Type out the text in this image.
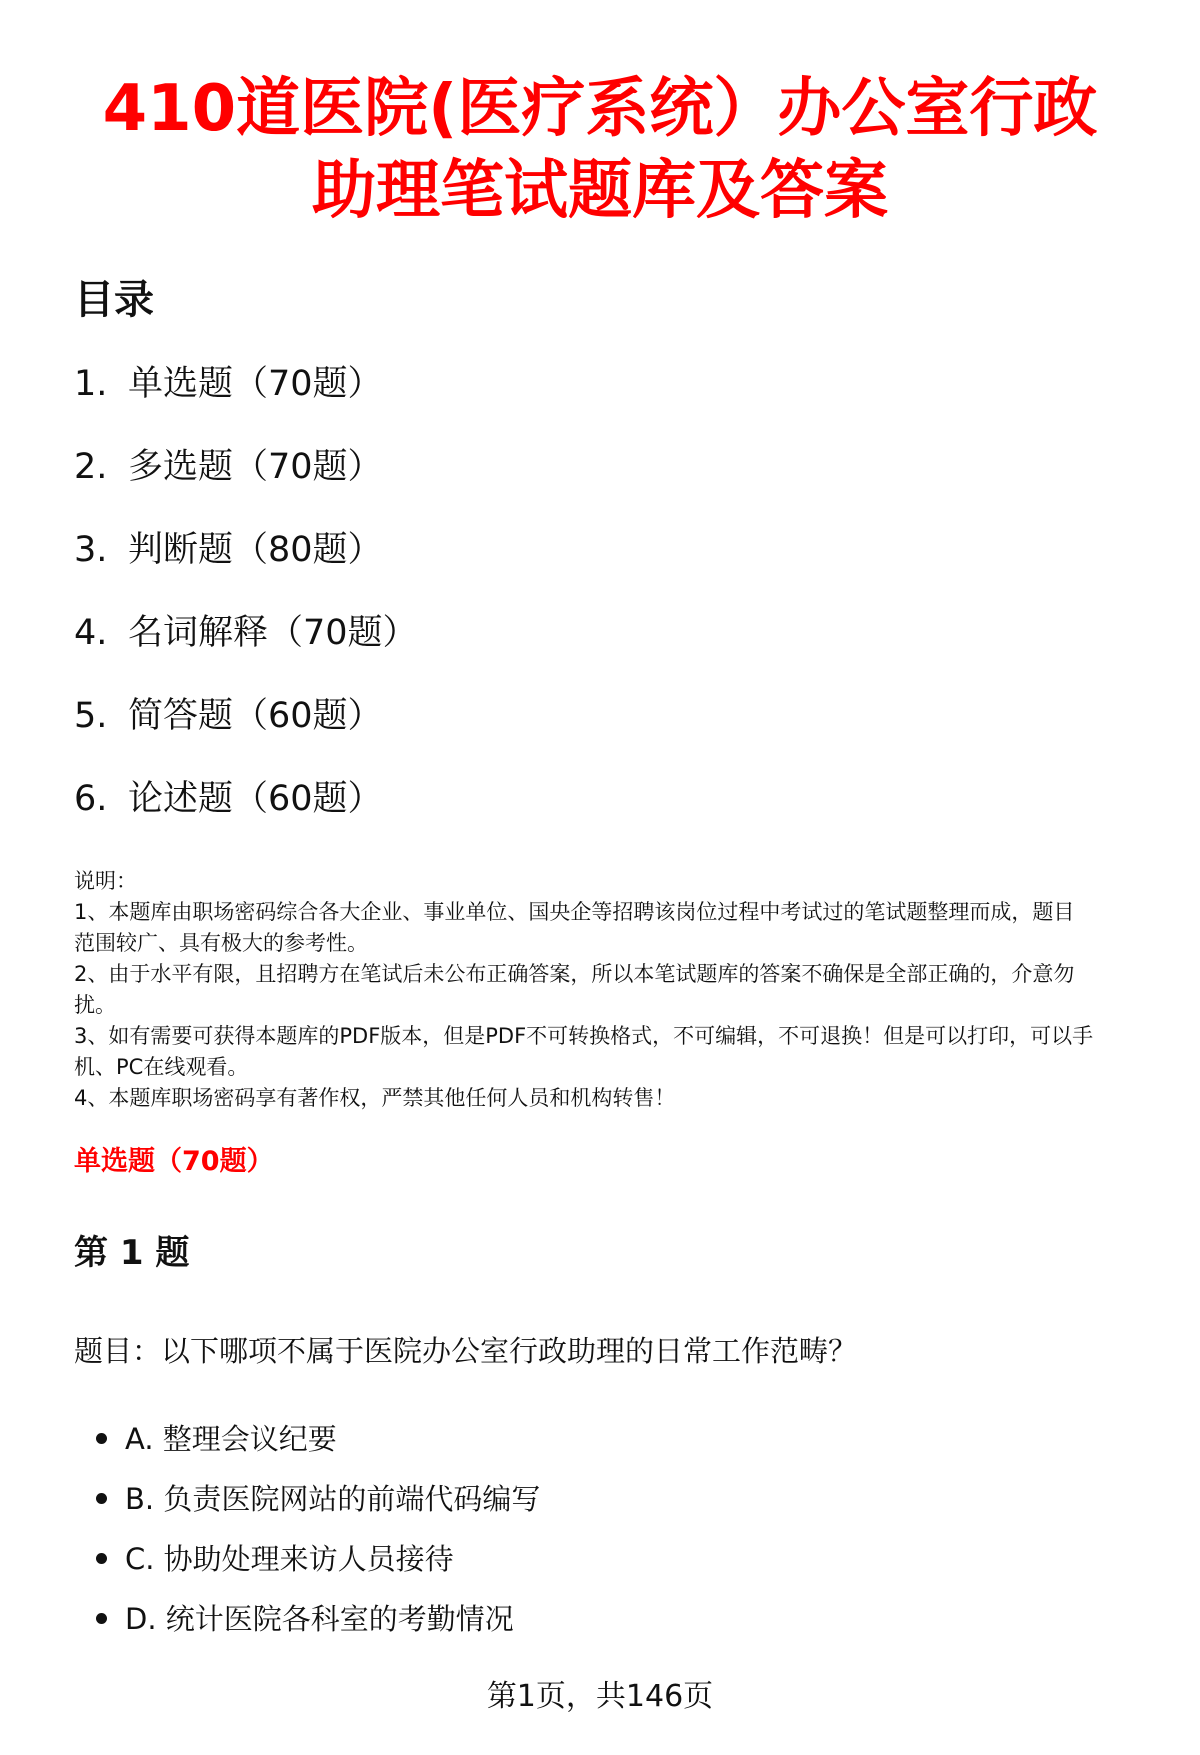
410道医院(医疗系统）办公室行政
助理笔试题库及答案
目录
1. 单选题（70题）
2. 多选题（70题）
3. 判断题（80题）
4. 名词解释（70题）
5. 简答题（60题）
6. 论述题（60题）

说明：

1、本题库由职场密码综合各大企业、事业单位、国央企等招聘该岗位过程中考试过的笔试题整理而成，题目

范围较广、具有极大的参考性。

2、由于水平有限，且招聘方在笔试后未公布正确答案，所以本笔试题库的答案不确保是全部正确的，介意勿

扰。

3、如有需要可获得本题库的PDF版本，但是PDF不可转换格式，不可编辑，不可退换！但是可以打印，可以手

机、PC在线观看。

4、本题库职场密码享有著作权，严禁其他任何人员和机构转售！

单选题（70题）
第 1 题

题目：以下哪项不属于医院办公室行政助理的日常工作范畴？

A. 整理会议纪要
B. 负责医院网站的前端代码编写
C. 协助处理来访人员接待
D. 统计医院各科室的考勤情况
第1页，共146页
